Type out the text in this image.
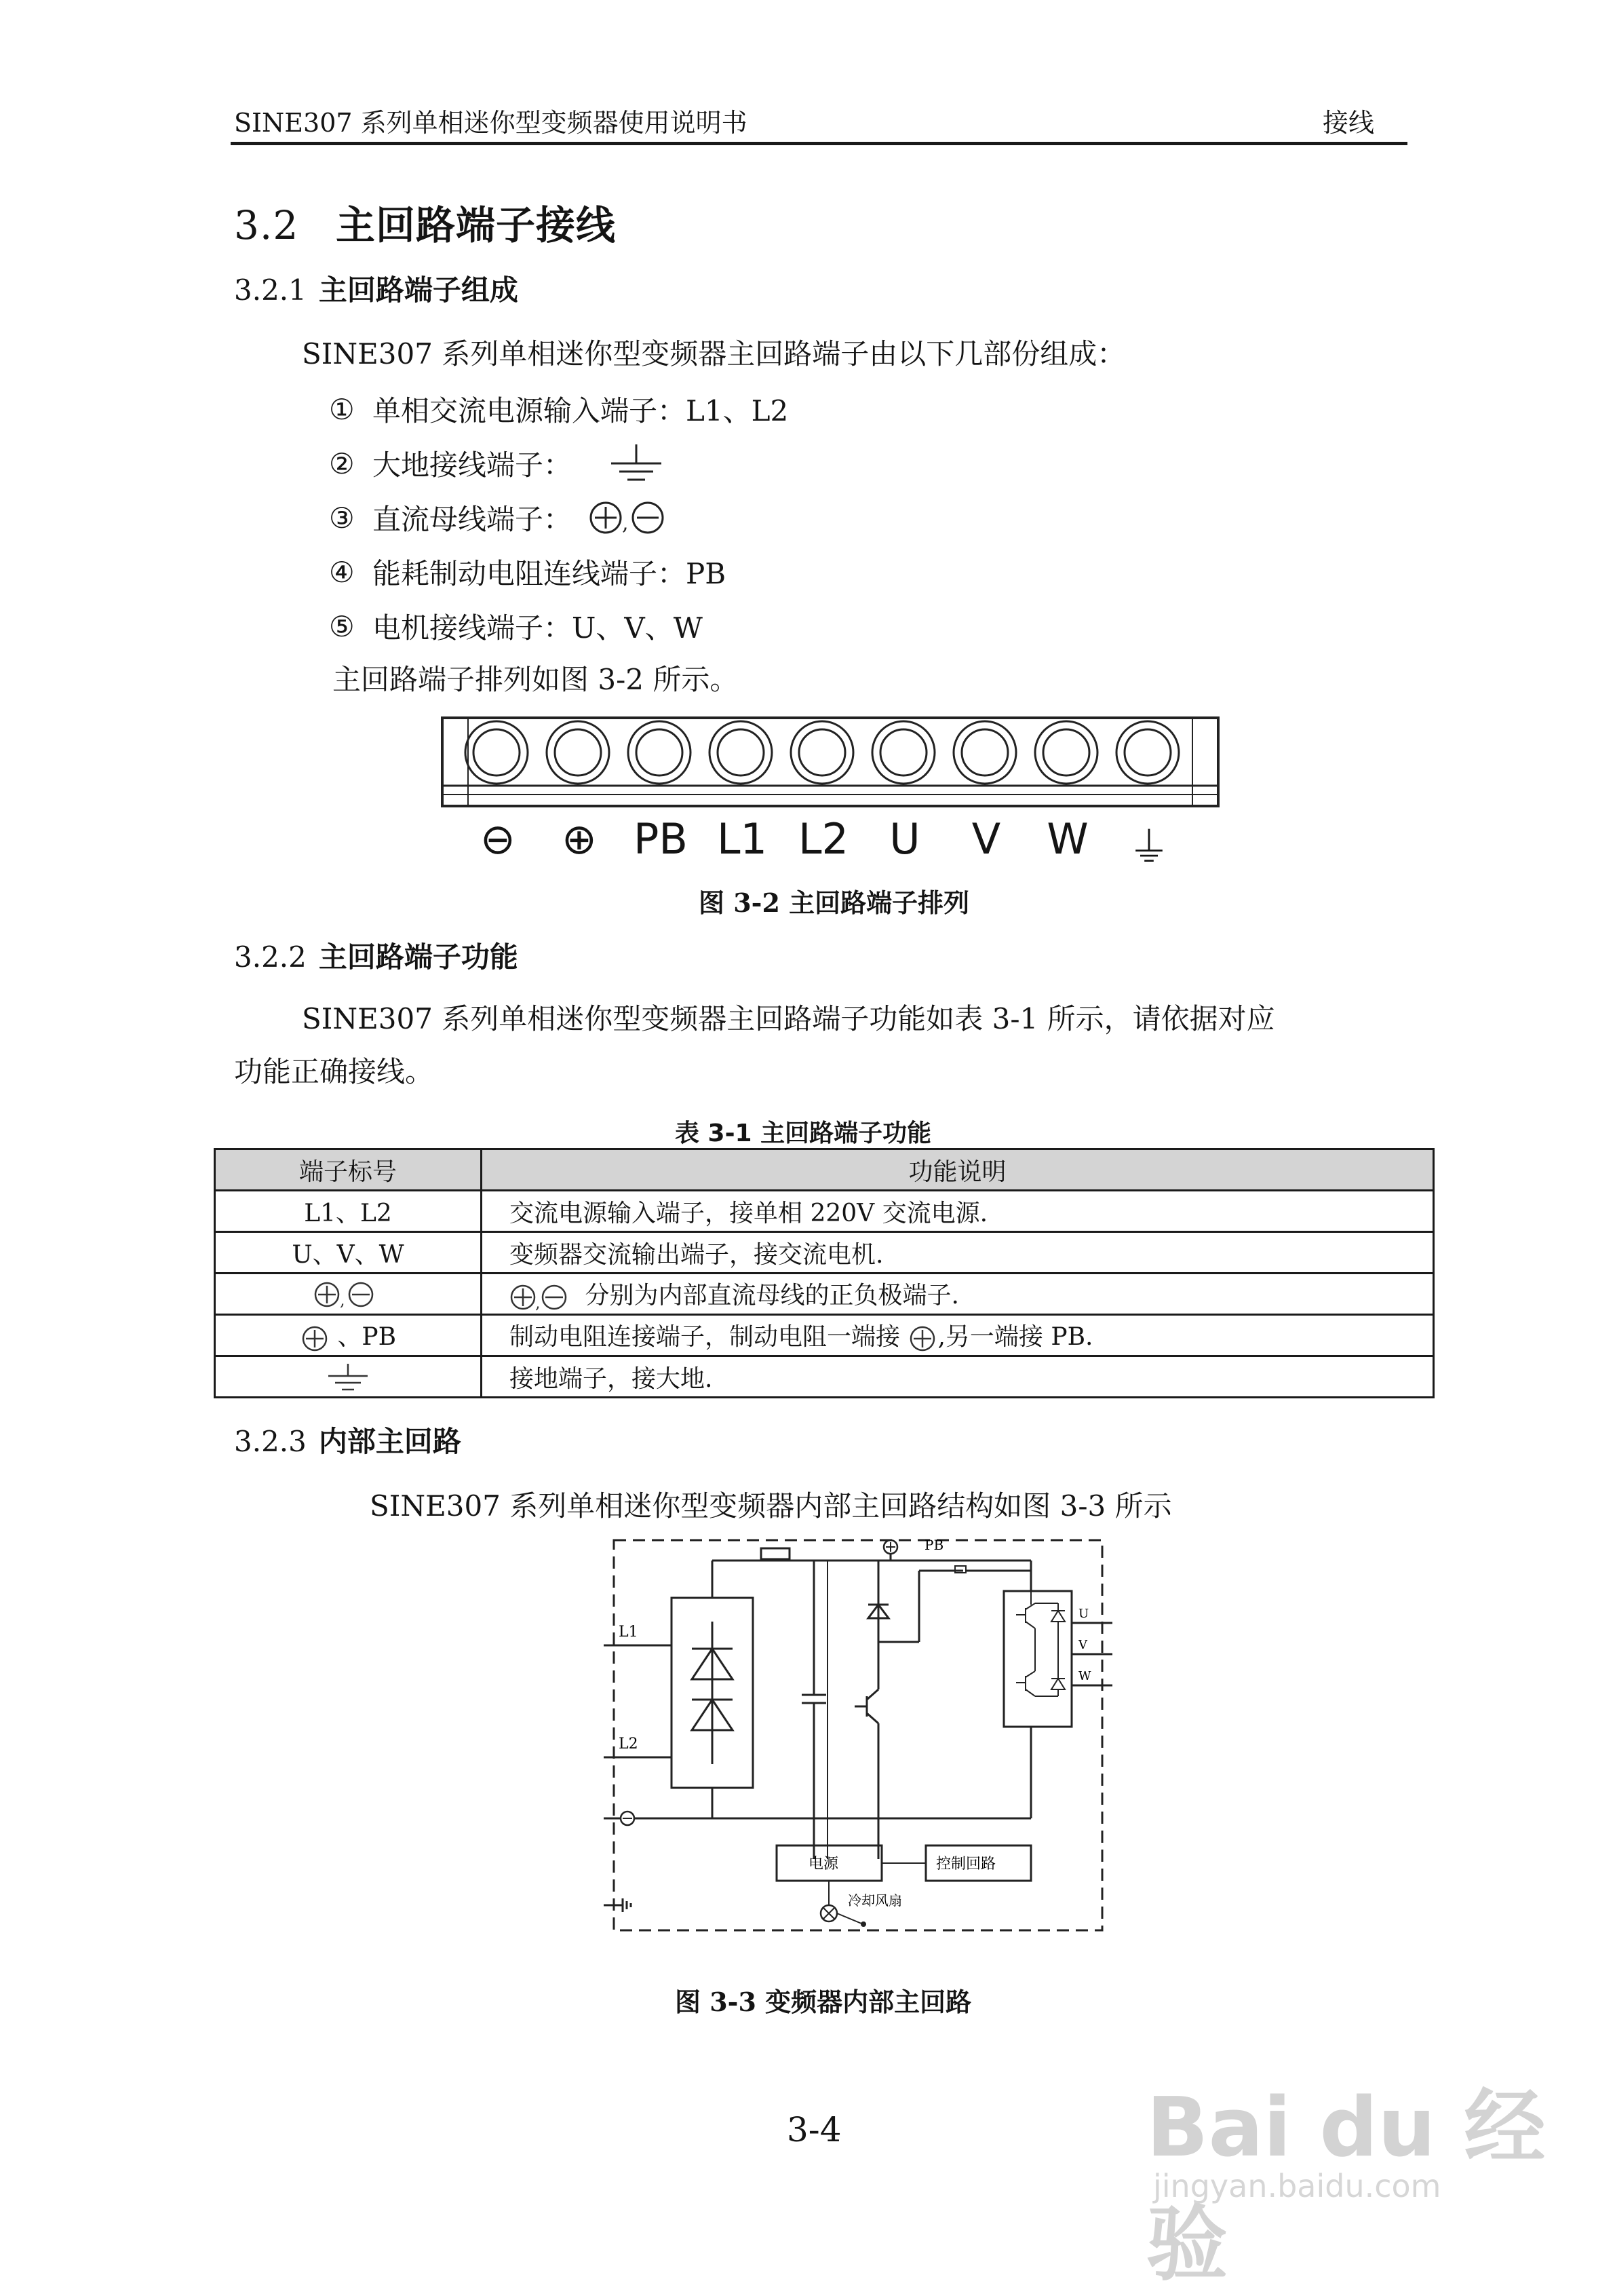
SINE307 系列单相迷你型变频器使用说明书	接线
3.2 主回路端子接线
3.2.1 主回路端子组成
SINE307 系列单相迷你型变频器主回路端子由以下几部份组成：
① 单相交流电源输入端子：L1、L2
② 大地接线端子：
③ 直流母线端子： ,
④ 能耗制动电阻连线端子：PB
⑤ 电机接线端子：U、V、W
主回路端子排列如图 3-2 所示。
⊖	⊕ PB L1 L2 U	V	W ⏚
图 3-2 主回路端子排列
3.2.2 主回路端子功能
SINE307 系列单相迷你型变频器主回路端子功能如表 3-1 所示，请依据对应
功能正确接线。
表 3-1 主回路端子功能
端子标号	功能说明
L1、L2	交流电源输入端子，接单相 220V 交流电源.
U、V、W	变频器交流输出端子，接交流电机.

,	, 分别为内部直流母线的正负极端子.
、PB	制动电阻连接端子，制动电阻一端接 ,另一端接 PB.
	接地端子，接大地.
3.2.3 内部主回路
SINE307 系列单相迷你型变频器内部主回路结构如图 3-3 所示
L1
L2
PB
U
V
W
电源	控制回路
冷却风扇
图 3-3 变频器内部主回路
3-4	Bai du 经验
jingyan.baidu.com
